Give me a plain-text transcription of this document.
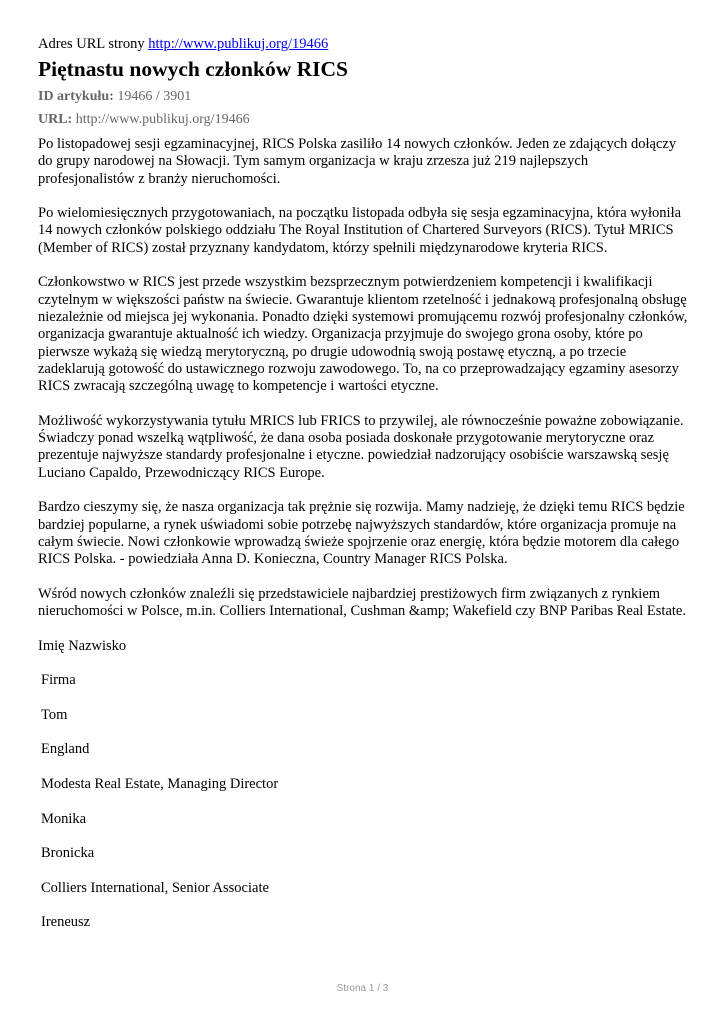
Adres URL strony http://www.publikuj.org/19466

Piętnastu nowych członków RICS

ID artykułu: 19466 / 3901

URL: http://www.publikuj.org/19466

Po listopadowej sesji egzaminacyjnej, RICS Polska zasiliło 14 nowych członków. Jeden ze zdających dołączy do grupy narodowej na Słowacji. Tym samym organizacja w kraju zrzesza już 219 najlepszych profesjonalistów z branży nieruchomości.

Po wielomiesięcznych przygotowaniach, na początku listopada odbyła się sesja egzaminacyjna, która wyłoniła 14 nowych członków polskiego oddziału The Royal Institution of Chartered Surveyors (RICS). Tytuł MRICS (Member of RICS) został przyznany kandydatom, którzy spełnili międzynarodowe kryteria RICS.

Członkowstwo w RICS jest przede wszystkim bezsprzecznym potwierdzeniem kompetencji i kwalifikacji czytelnym w większości państw na świecie. Gwarantuje klientom rzetelność i jednakową profesjonalną obsługę niezależnie od miejsca jej wykonania. Ponadto dzięki systemowi promującemu rozwój profesjonalny członków, organizacja gwarantuje aktualność ich wiedzy. Organizacja przyjmuje do swojego grona osoby, które po pierwsze wykażą się wiedzą merytoryczną, po drugie udowodnią swoją postawę etyczną, a po trzecie zadeklarują gotowość do ustawicznego rozwoju zawodowego. To, na co przeprowadzający egzaminy asesorzy RICS zwracają szczególną uwagę to kompetencje i wartości etyczne.

Możliwość wykorzystywania tytułu MRICS lub FRICS to przywilej, ale równocześnie poważne zobowiązanie. Świadczy ponad wszelką wątpliwość, że dana osoba posiada doskonałe przygotowanie merytoryczne oraz prezentuje najwyższe standardy profesjonalne i etyczne. powiedział nadzorujący osobiście warszawską sesję Luciano Capaldo, Przewodniczący RICS Europe.

Bardzo cieszymy się, że nasza organizacja tak prężnie się rozwija. Mamy nadzieję, że dzięki temu RICS będzie bardziej popularne, a rynek uświadomi sobie potrzebę najwyższych standardów, które organizacja promuje na całym świecie. Nowi członkowie wprowadzą świeże spojrzenie oraz energię, która będzie motorem dla całego RICS Polska. - powiedziała Anna D. Konieczna, Country Manager RICS Polska.

Wśród nowych członków znaleźli się przedstawiciele najbardziej prestiżowych firm związanych z rynkiem nieruchomości w Polsce, m.in. Colliers International, Cushman &amp; Wakefield czy BNP Paribas Real Estate.

Imię Nazwisko

Firma

Tom

England

Modesta Real Estate, Managing Director

Monika

Bronicka

Colliers International, Senior Associate

Ireneusz

Strona 1 / 3
